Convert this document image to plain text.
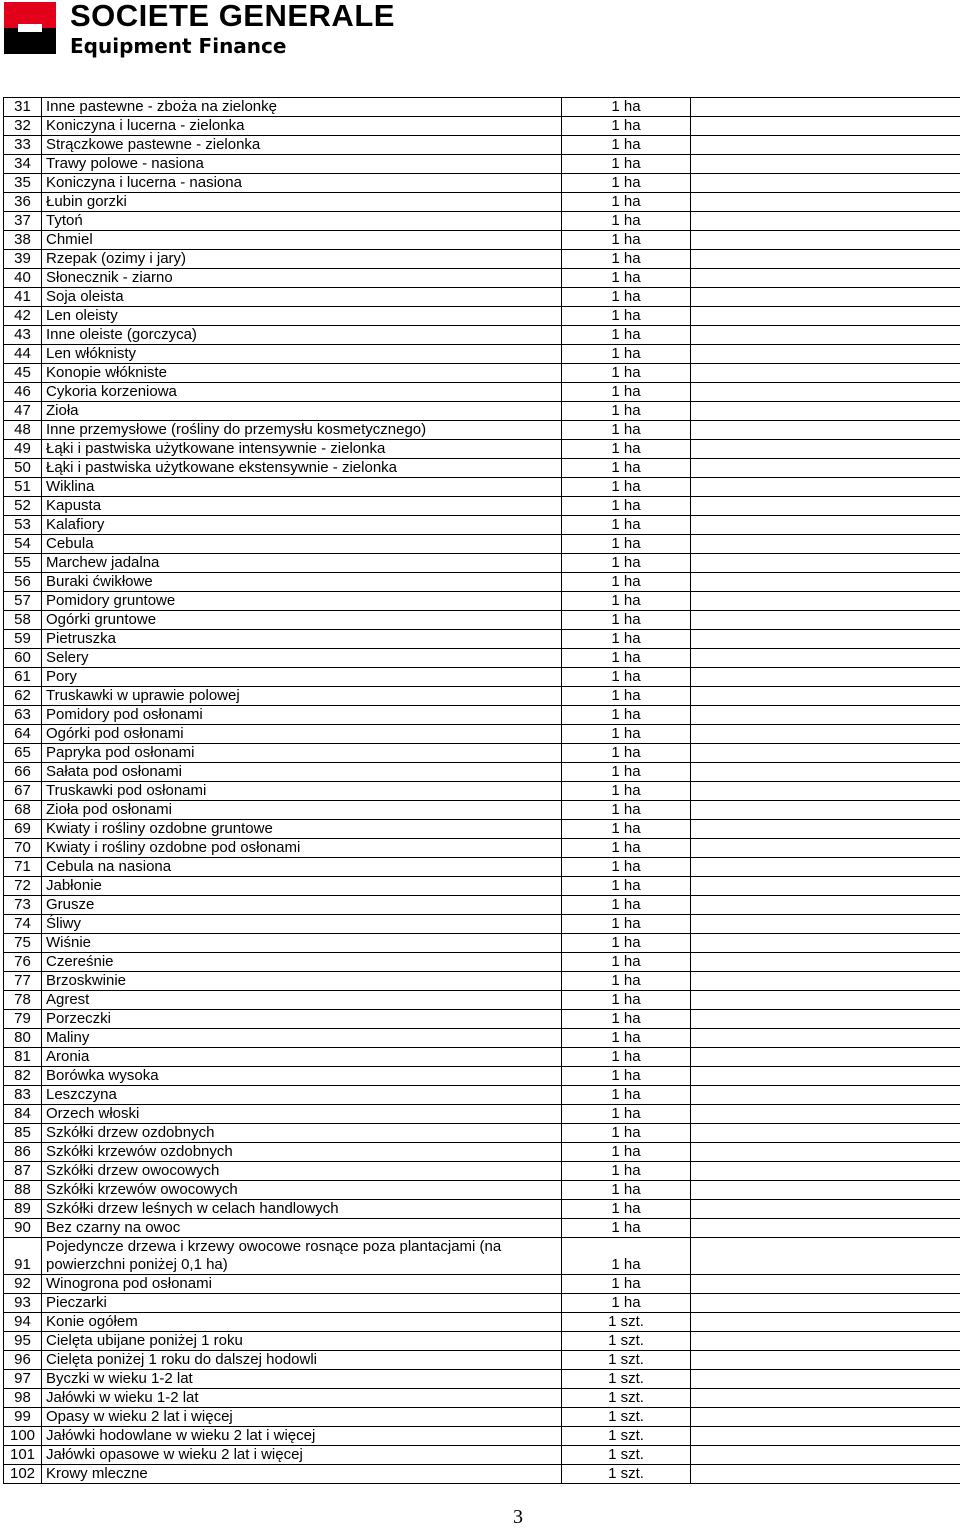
SOCIETE GENERALE
Equipment Finance
31	Inne pastewne - zboża na zielonkę	1 ha	
32	Koniczyna i lucerna - zielonka	1 ha	
33	Strączkowe pastewne - zielonka	1 ha	
34	Trawy polowe - nasiona	1 ha	
35	Koniczyna i lucerna - nasiona	1 ha	
36	Łubin gorzki	1 ha	
37	Tytoń	1 ha	
38	Chmiel	1 ha	
39	Rzepak (ozimy i jary)	1 ha	
40	Słonecznik - ziarno	1 ha	
41	Soja oleista	1 ha	
42	Len oleisty	1 ha	
43	Inne oleiste (gorczyca)	1 ha	
44	Len włóknisty	1 ha	
45	Konopie włókniste	1 ha	
46	Cykoria korzeniowa	1 ha	
47	Zioła	1 ha	
48	Inne przemysłowe (rośliny do przemysłu kosmetycznego)	1 ha	
49	Łąki i pastwiska użytkowane intensywnie - zielonka	1 ha	
50	Łąki i pastwiska użytkowane ekstensywnie - zielonka	1 ha	
51	Wiklina	1 ha	
52	Kapusta	1 ha	
53	Kalafiory	1 ha	
54	Cebula	1 ha	
55	Marchew jadalna	1 ha	
56	Buraki ćwikłowe	1 ha	
57	Pomidory gruntowe	1 ha	
58	Ogórki gruntowe	1 ha	
59	Pietruszka	1 ha	
60	Selery	1 ha	
61	Pory	1 ha	
62	Truskawki w uprawie polowej	1 ha	
63	Pomidory pod osłonami	1 ha	
64	Ogórki pod osłonami	1 ha	
65	Papryka pod osłonami	1 ha	
66	Sałata pod osłonami	1 ha	
67	Truskawki pod osłonami	1 ha	
68	Zioła pod osłonami	1 ha	
69	Kwiaty i rośliny ozdobne gruntowe	1 ha	
70	Kwiaty i rośliny ozdobne pod osłonami	1 ha	
71	Cebula na nasiona	1 ha	
72	Jabłonie	1 ha	
73	Grusze	1 ha	
74	Śliwy	1 ha	
75	Wiśnie	1 ha	
76	Czereśnie	1 ha	
77	Brzoskwinie	1 ha	
78	Agrest	1 ha	
79	Porzeczki	1 ha	
80	Maliny	1 ha	
81	Aronia	1 ha	
82	Borówka wysoka	1 ha	
83	Leszczyna	1 ha	
84	Orzech włoski	1 ha	
85	Szkółki drzew ozdobnych	1 ha	
86	Szkółki krzewów ozdobnych	1 ha	
87	Szkółki drzew owocowych	1 ha	
88	Szkółki krzewów owocowych	1 ha	
89	Szkółki drzew leśnych w celach handlowych	1 ha	
90	Bez czarny na owoc	1 ha	
91	Pojedyncze drzewa i krzewy owocowe rosnące poza plantacjami (na powierzchni poniżej 0,1 ha)	1 ha	
92	Winogrona pod osłonami	1 ha	
93	Pieczarki	1 ha	
94	Konie ogółem	1 szt.	
95	Cielęta ubijane poniżej 1 roku	1 szt.	
96	Cielęta poniżej 1 roku do dalszej hodowli	1 szt.	
97	Byczki w wieku 1-2 lat	1 szt.	
98	Jałówki w wieku 1-2 lat	1 szt.	
99	Opasy w wieku 2 lat i więcej	1 szt.	
100	Jałówki hodowlane w wieku 2 lat i więcej	1 szt.	
101	Jałówki opasowe w wieku 2 lat i więcej	1 szt.	
102	Krowy mleczne	1 szt.	
3
